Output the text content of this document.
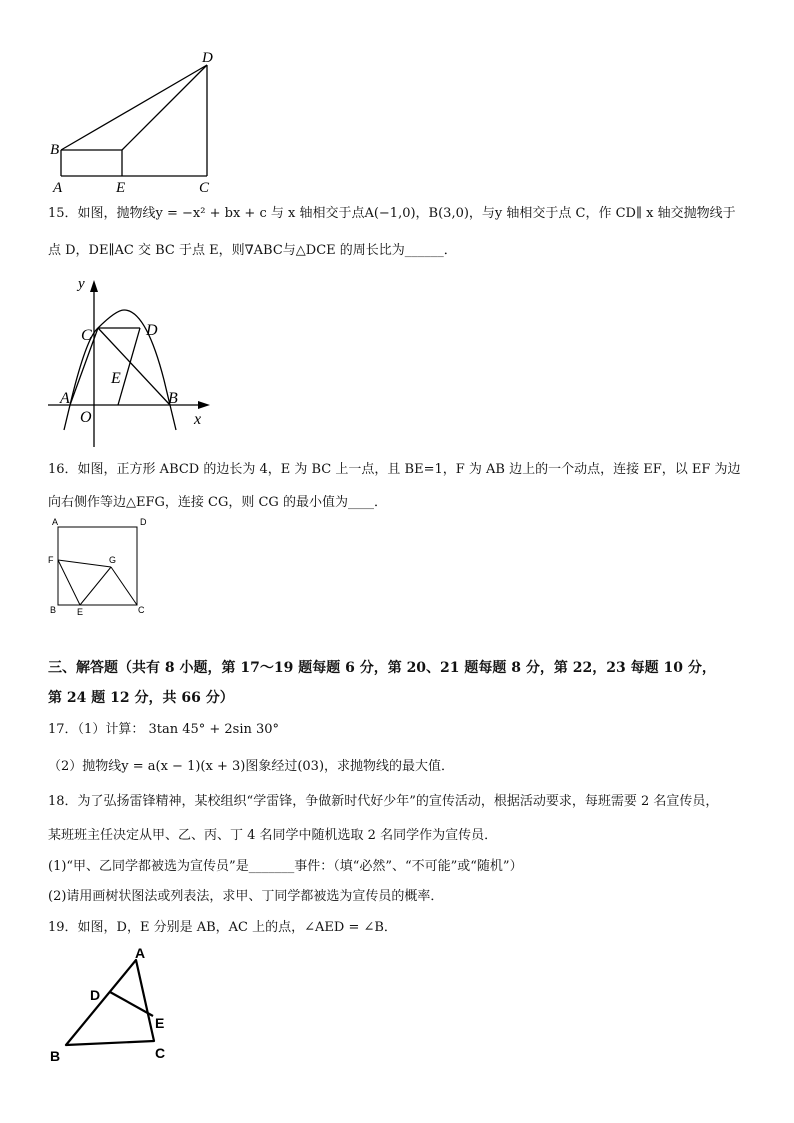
D
B
A	E	C
15．如图，抛物线y = −x² + bx + c 与 x 轴相交于点A(−1,0)，B(3,0)，与y 轴相交于点 C，作 CD∥ x 轴交抛物线于
点 D，DE∥AC 交 BC 于点 E，则∇ABC与△DCE 的周长比为______．
y
C	D
E
A
O
B
x
16．如图，正方形 ABCD 的边长为 4，E 为 BC 上一点，且 BE=1，F 为 AB 边上的一个动点，连接 EF，以 EF 为边
向右侧作等边△EFG，连接 CG，则 CG 的最小值为____．
A	D
F	G
B E	C
三、解答题（共有 8 小题，第 17～19 题每题 6 分，第 20、21 题每题 8 分，第 22，23 每题 10 分，
第 24 题 12 分，共 66 分）
17．（1）计算： 3tan 45° + 2sin 30°
（2）抛物线y = a(x − 1)(x + 3)图象经过(03)，求抛物线的最大值．
18．为了弘扬雷锋精神，某校组织“学雷锋，争做新时代好少年”的宣传活动，根据活动要求，每班需要 2 名宣传员，
某班班主任决定从甲、乙、丙、丁 4 名同学中随机选取 2 名同学作为宣传员．
(1)“甲、乙同学都被选为宣传员”是_______事件：（填“必然”、“不可能”或“随机”）
(2)请用画树状图法或列表法，求甲、丁同学都被选为宣传员的概率．
19．如图，D，E 分别是 AB，AC 上的点，∠AED = ∠B．
A
D
E
B	C
